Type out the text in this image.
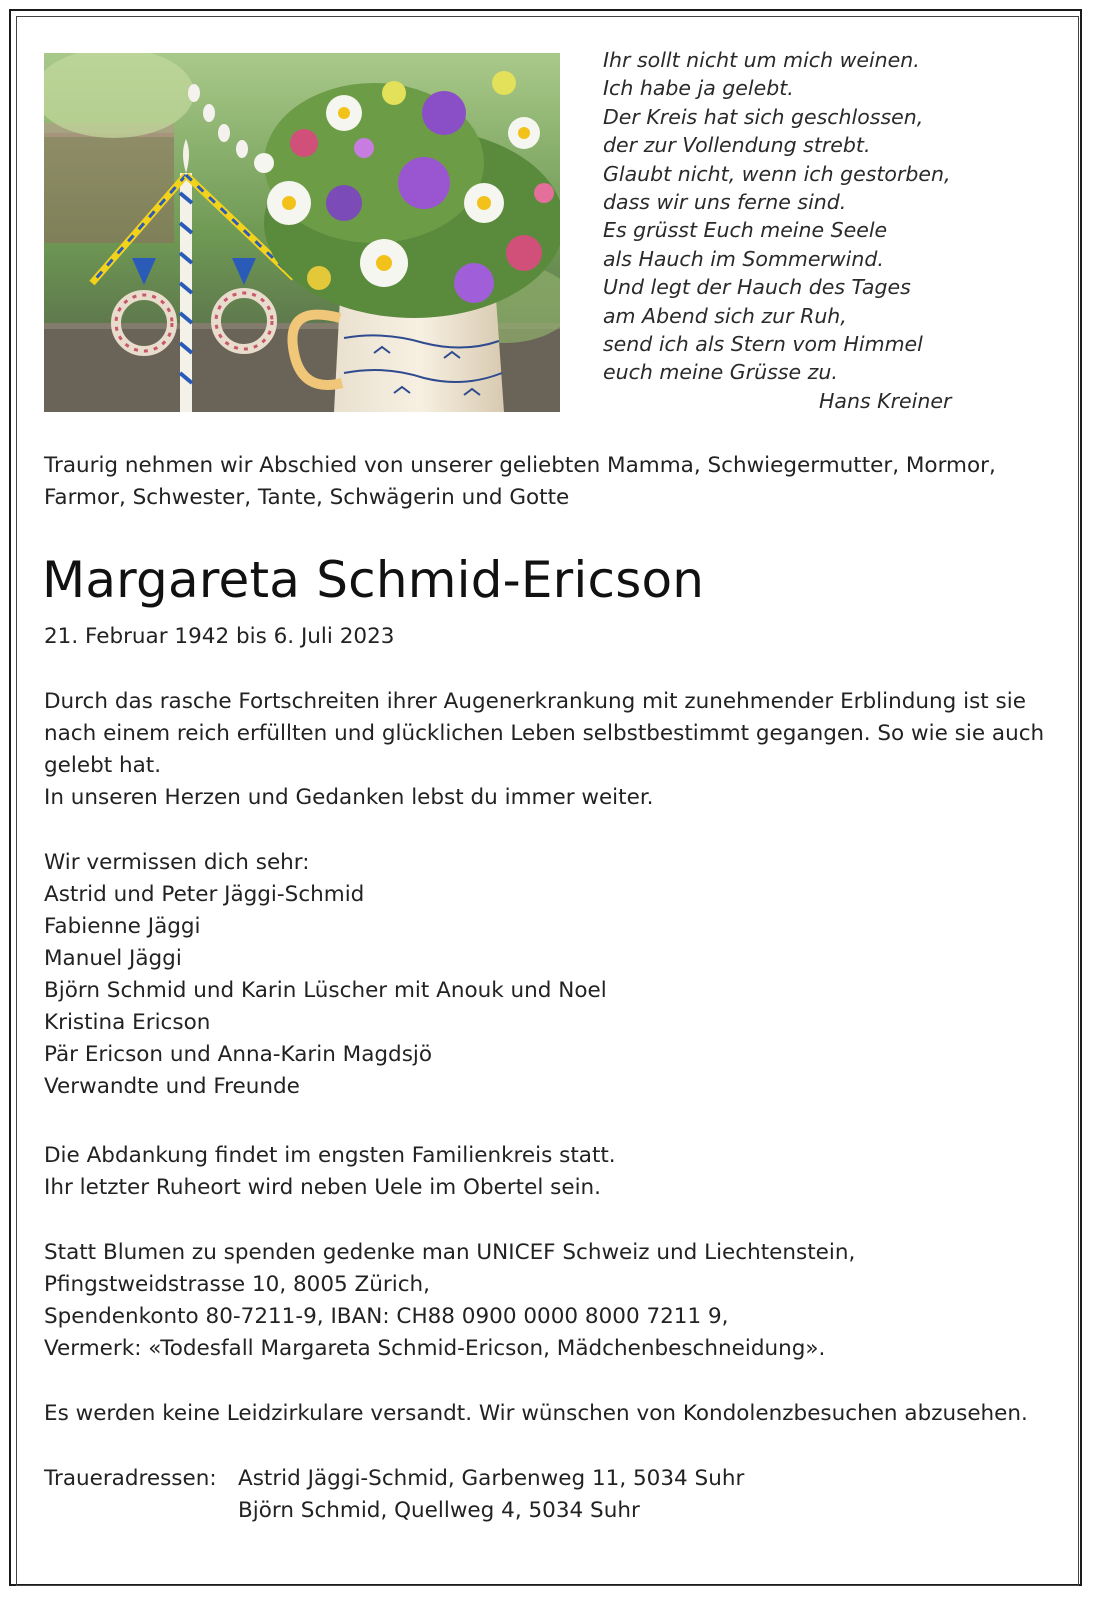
Ihr sollt nicht um mich weinen.
Ich habe ja gelebt.
Der Kreis hat sich geschlossen,
der zur Vollendung strebt.
Glaubt nicht, wenn ich gestorben,
dass wir uns ferne sind.
Es grüsst Euch meine Seele
als Hauch im Sommerwind.
Und legt der Hauch des Tages
am Abend sich zur Ruh,
send ich als Stern vom Himmel
euch meine Grüsse zu.
Hans Kreiner
Traurig nehmen wir Abschied von unserer geliebten Mamma, Schwiegermutter, Mormor,
Farmor, Schwester, Tante, Schwägerin und Gotte
Margareta Schmid-Ericson
21. Februar 1942 bis 6. Juli 2023
Durch das rasche Fortschreiten ihrer Augenerkrankung mit zunehmender Erblindung ist sie
nach einem reich erfüllten und glücklichen Leben selbstbestimmt gegangen. So wie sie auch
gelebt hat.
In unseren Herzen und Gedanken lebst du immer weiter.
Wir vermissen dich sehr:
Astrid und Peter Jäggi-Schmid
Fabienne Jäggi
Manuel Jäggi
Björn Schmid und Karin Lüscher mit Anouk und Noel
Kristina Ericson
Pär Ericson und Anna-Karin Magdsjö
Verwandte und Freunde
Die Abdankung findet im engsten Familienkreis statt.
Ihr letzter Ruheort wird neben Uele im Obertel sein.
Statt Blumen zu spenden gedenke man UNICEF Schweiz und Liechtenstein,
Pfingstweidstrasse 10, 8005 Zürich,
Spendenkonto 80-7211-9, IBAN: CH88 0900 0000 8000 7211 9,
Vermerk: «Todesfall Margareta Schmid-Ericson, Mädchenbeschneidung».
Es werden keine Leidzirkulare versandt. Wir wünschen von Kondolenzbesuchen abzusehen.
Traueradressen: Astrid Jäggi-Schmid, Garbenweg 11, 5034 Suhr
Björn Schmid, Quellweg 4, 5034 Suhr
